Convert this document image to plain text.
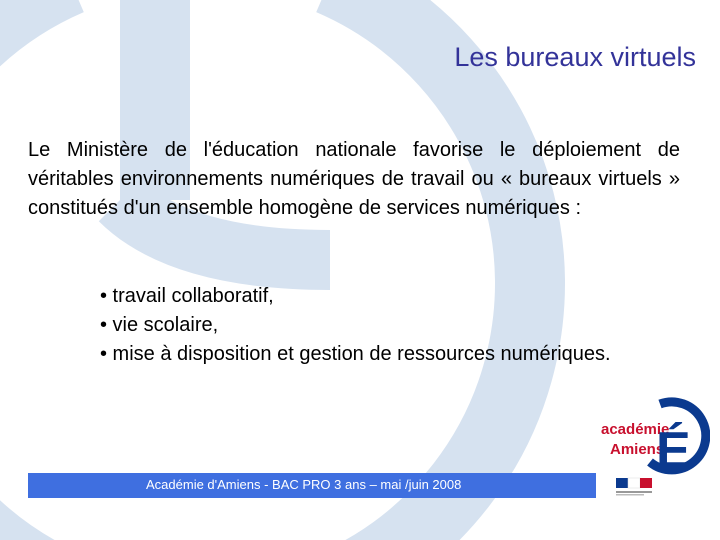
Les bureaux virtuels
Le Ministère de l'éducation nationale favorise le déploiement de véritables environnements numériques de travail ou « bureaux virtuels » constitués d'un ensemble homogène de services numériques :
• travail collaboratif,
• vie scolaire,
• mise à disposition et gestion de ressources numériques.
académie
Amiens
É
Académie d'Amiens - BAC PRO 3 ans – mai /juin 2008
